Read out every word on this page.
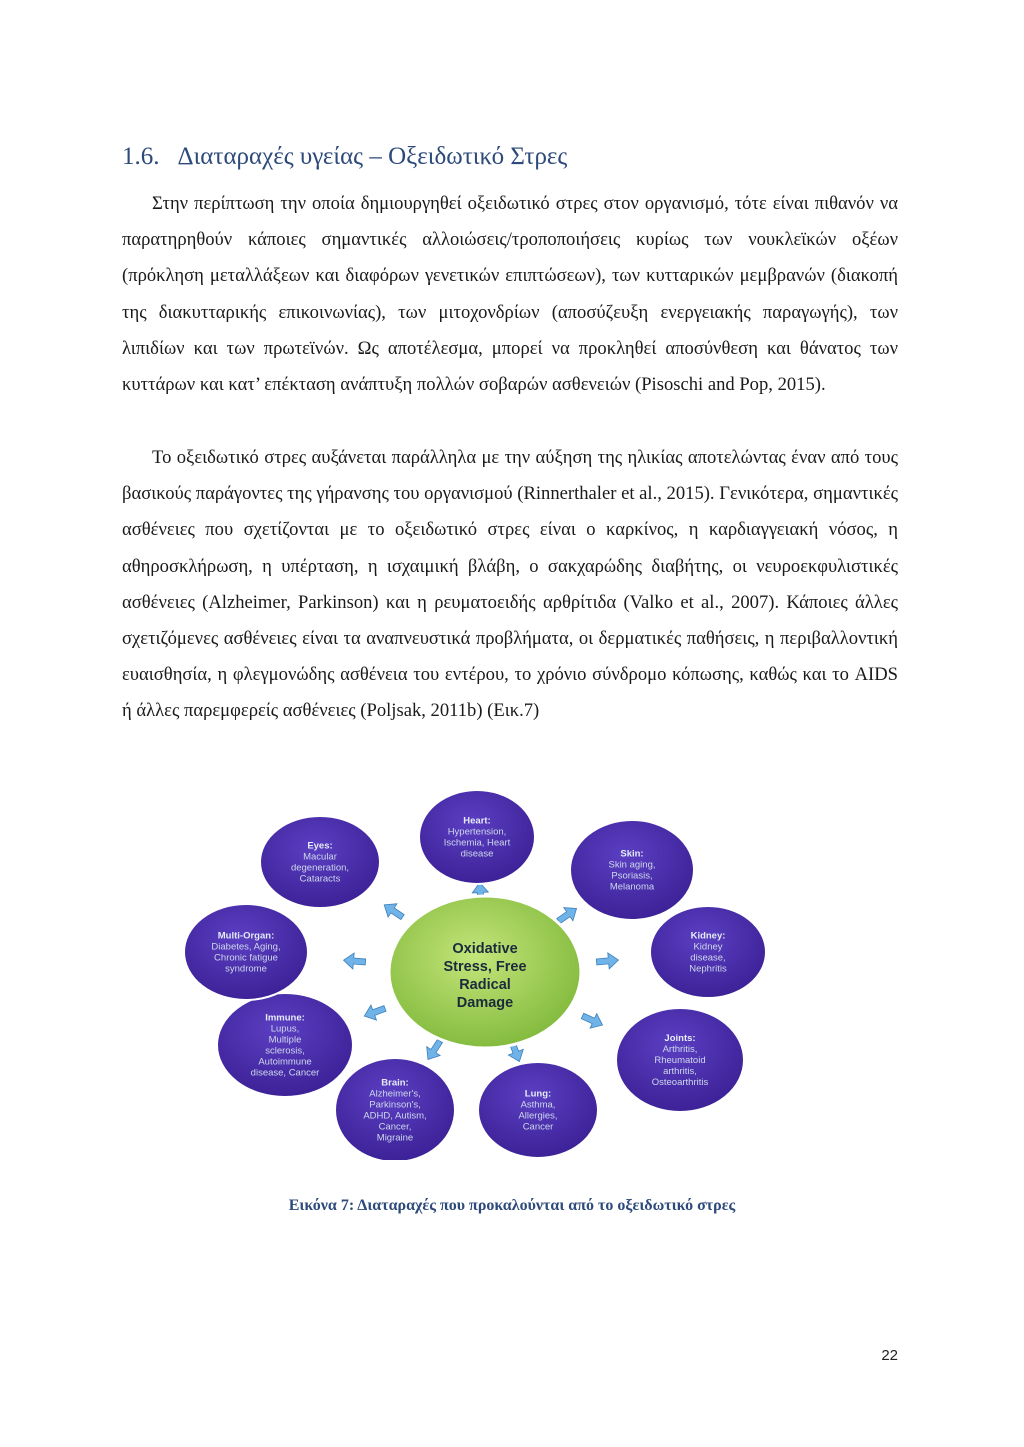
1.6. Διαταραχές υγείας – Οξειδωτικό Στρες

Στην περίπτωση την οποία δημιουργηθεί οξειδωτικό στρες στον οργανισμό, τότε είναι πιθανόν να παρατηρηθούν κάποιες σημαντικές αλλοιώσεις/τροποποιήσεις κυρίως των νουκλεϊκών οξέων (πρόκληση μεταλλάξεων και διαφόρων γενετικών επιπτώσεων), των κυτταρικών μεμβρανών (διακοπή της διακυτταρικής επικοινωνίας), των μιτοχονδρίων (αποσύζευξη ενεργειακής παραγωγής), των λιπιδίων και των πρωτεϊνών. Ως αποτέλεσμα, μπορεί να προκληθεί αποσύνθεση και θάνατος των κυττάρων και κατ’ επέκταση ανάπτυξη πολλών σοβαρών ασθενειών (Pisoschi and Pop, 2015).

Το οξειδωτικό στρες αυξάνεται παράλληλα με την αύξηση της ηλικίας αποτελώντας έναν από τους βασικούς παράγοντες της γήρανσης του οργανισμού (Rinnerthaler et al., 2015). Γενικότερα, σημαντικές ασθένειες που σχετίζονται με το οξειδωτικό στρες είναι ο καρκίνος, η καρδιαγγειακή νόσος, η αθηροσκλήρωση, η υπέρταση, η ισχαιμική βλάβη, ο σακχαρώδης διαβήτης, οι νευροεκφυλιστικές ασθένειες (Alzheimer, Parkinson) και η ρευματοειδής αρθρίτιδα (Valko et al., 2007). Κάποιες άλλες σχετιζόμενες ασθένειες είναι τα αναπνευστικά προβλήματα, οι δερματικές παθήσεις, η περιβαλλοντική ευαισθησία, η φλεγμονώδης ασθένεια του εντέρου, το χρόνιο σύνδρομο κόπωσης, καθώς και το AIDS ή άλλες παρεμφερείς ασθένειες (Poljsak, 2011b) (Εικ.7)

Heart:
Hypertension,
Ischemia, Heart
disease	Skin:
Skin aging,
Psoriasis,
Melanoma
Kidney:
Kidney
disease,
Nephritis
Joints:
Arthritis,
Rheumatoid
arthritis,
Osteoarthritis
Lung:
Asthma,
Allergies,
Cancer
Brain:
Alzheimer's,
Parkinson's,
ADHD, Autism,
Cancer,
Migraine
Immune:
Lupus,
Multiple
sclerosis,
Autoimmune
disease, Cancer
Multi-Organ:
Diabetes, Aging,
Chronic fatigue
syndrome
Eyes:
Macular
degeneration,
Cataracts
Oxidative
Stress, Free
Radical
Damage
Εικόνα 7: Διαταραχές που προκαλούνται από το οξειδωτικό στρες
22
